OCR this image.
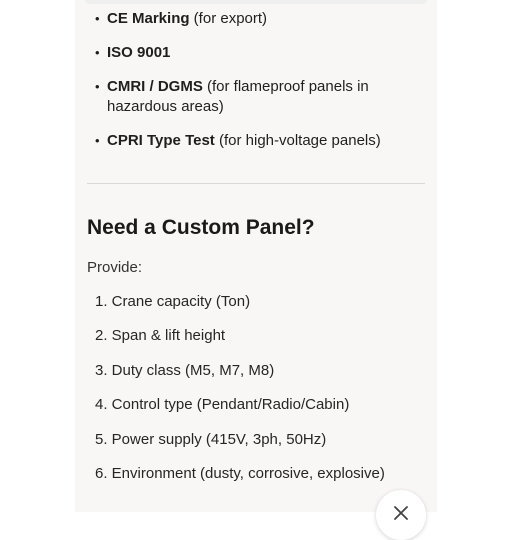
• CE Marking (for export)
• ISO 9001
• CMRI / DGMS (for flameproof panels in hazardous areas)
• CPRI Type Test (for high-voltage panels)
Need a Custom Panel?
Provide:
1. Crane capacity (Ton)
2. Span & lift height
3. Duty class (M5, M7, M8)
4. Control type (Pendant/Radio/Cabin)
5. Power supply (415V, 3ph, 50Hz)
6. Environment (dusty, corrosive, explosive)
